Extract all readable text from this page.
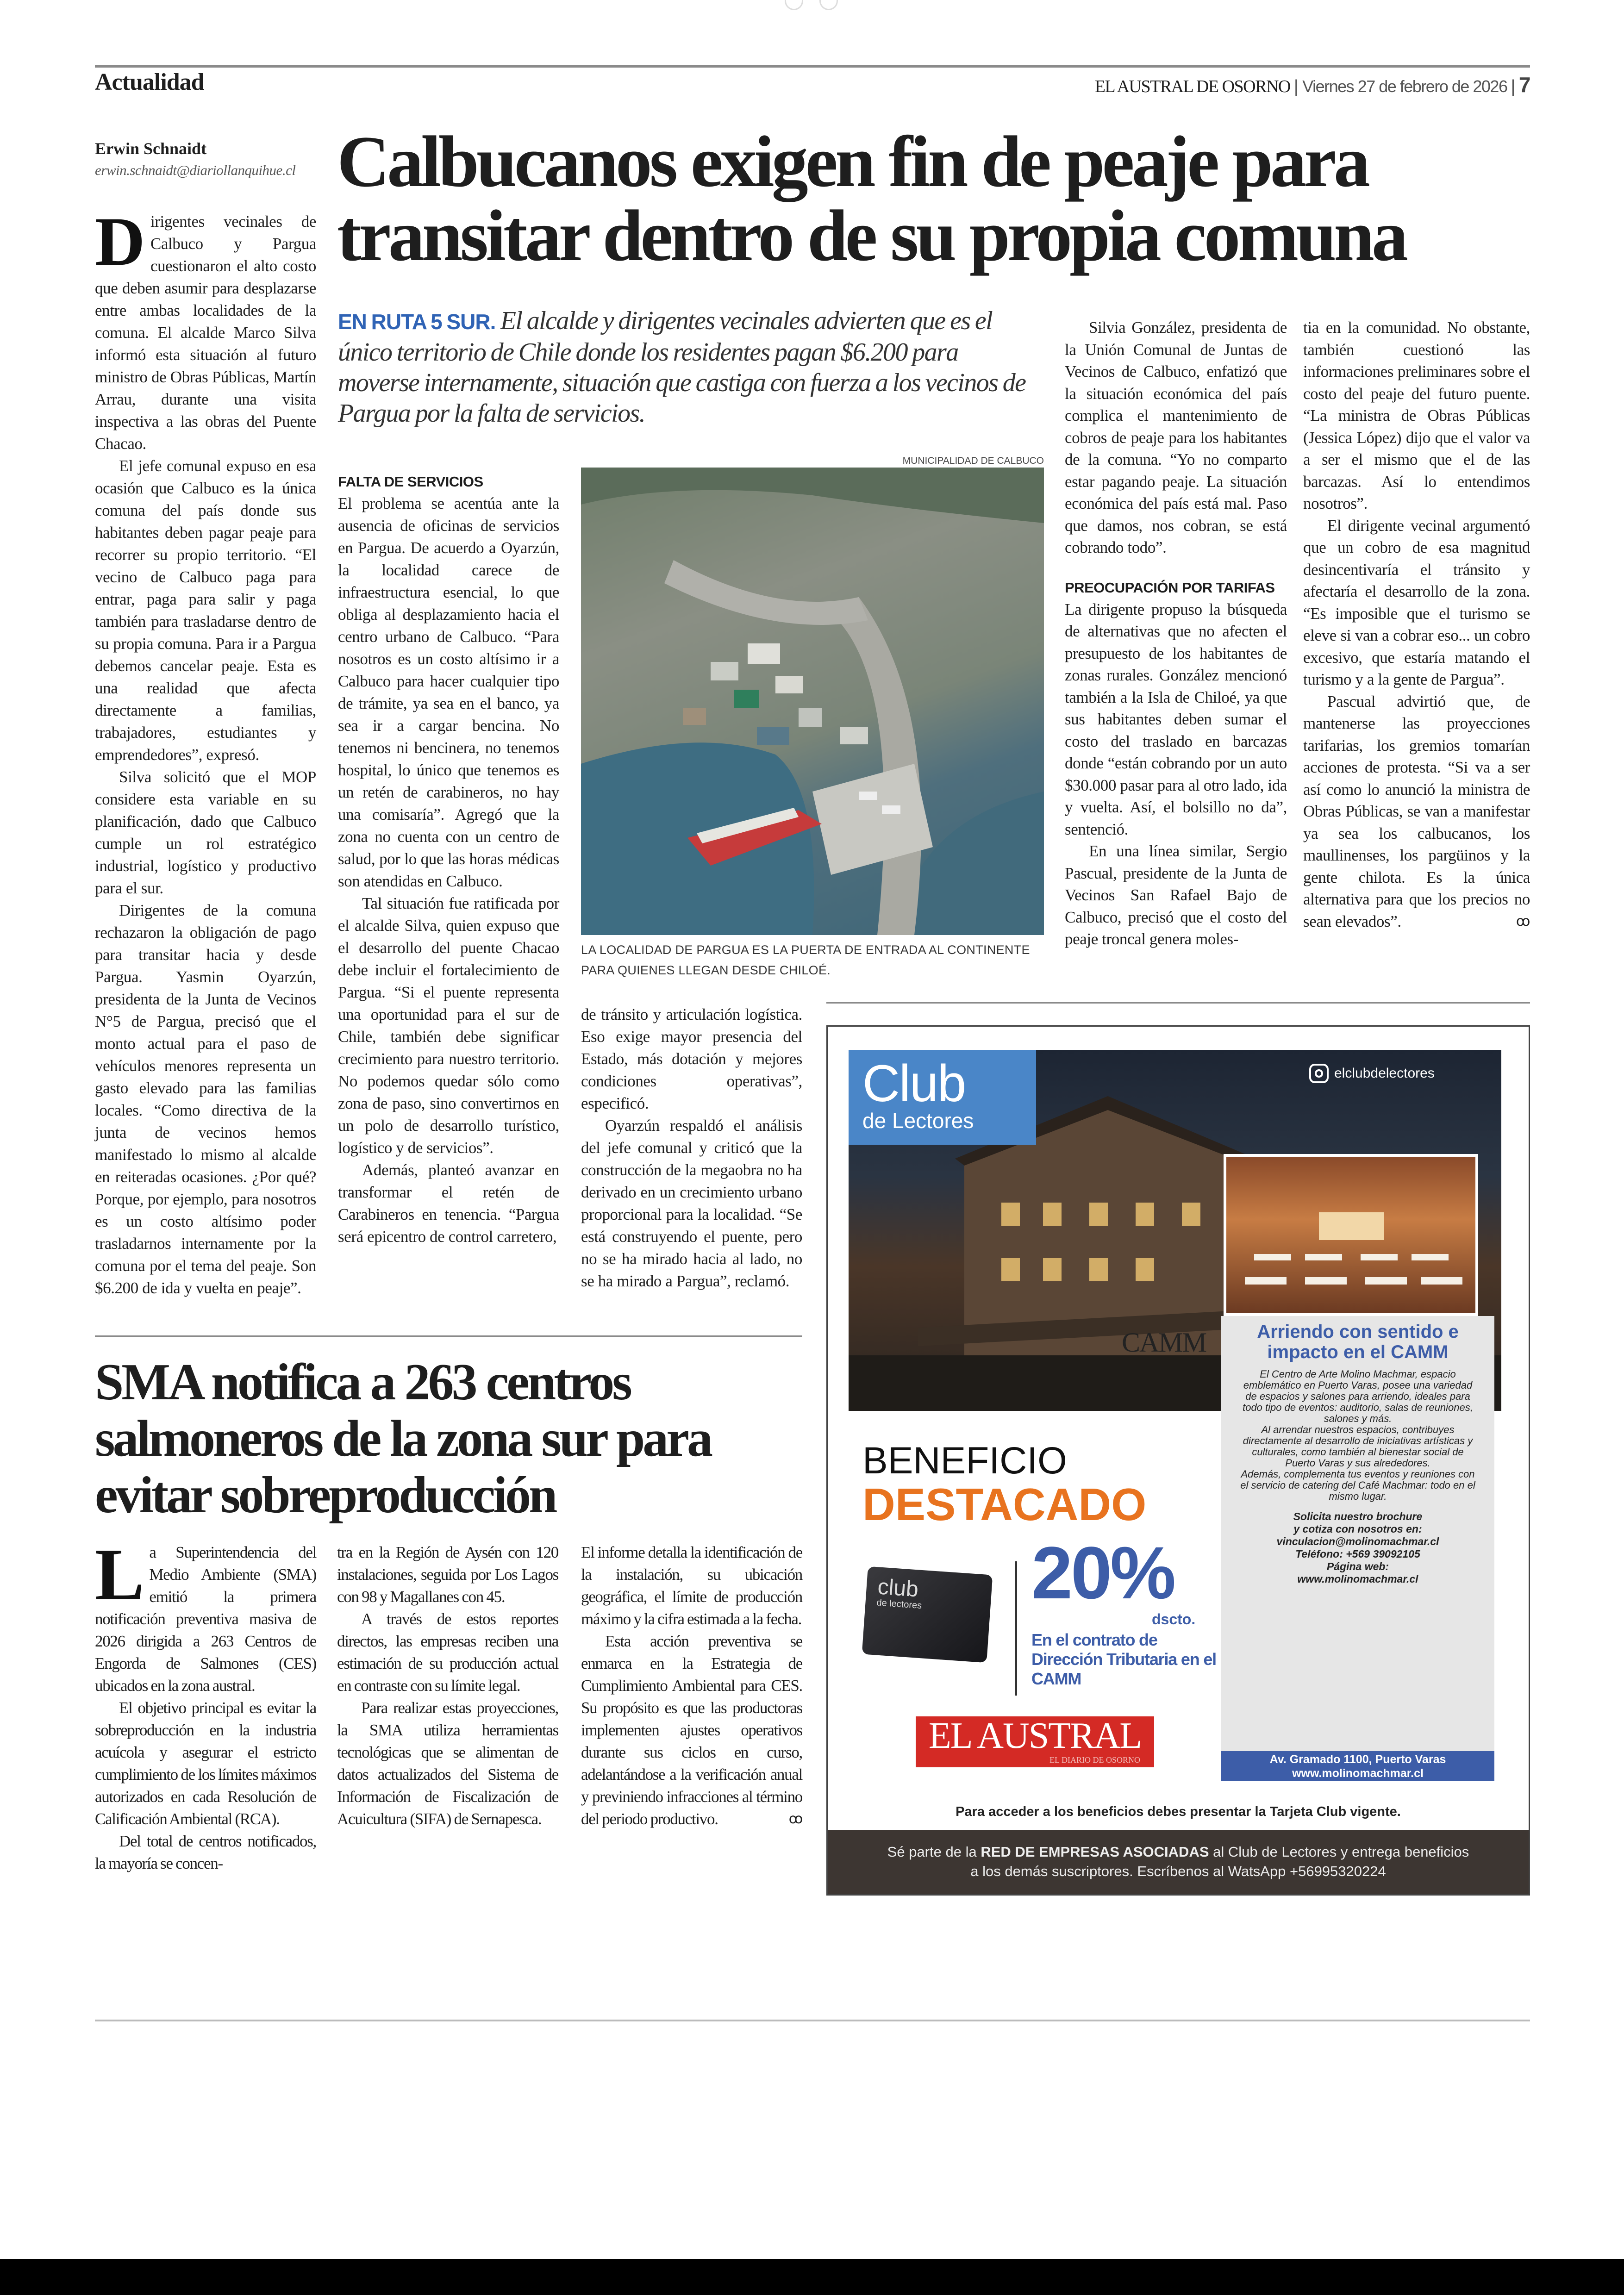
Actualidad	EL AUSTRAL DE OSORNO | Viernes 27 de febrero de 2026 | 7
Erwin Schnaidt
erwin.schnaidt@diariollanquihue.cl Calbucanos exigen fin de peaje para
transitar dentro de su propia comuna
EN RUTA 5 SUR. El alcalde y dirigentes vecinales advierten que es el único territorio de Chile donde los residentes pagan $6.200 para moverse internamente, situación que castiga con fuerza a los vecinos de Pargua por la falta de servicios.

Dirigentes vecinales de Calbuco y Pargua cuestionaron el alto costo que deben asumir para desplazarse entre ambas localidades de la comuna. El alcalde Marco Silva informó esta situación al futuro ministro de Obras Públicas, Martín Arrau, durante una visita inspectiva a las obras del Puente Chacao.

El jefe comunal expuso en esa ocasión que Calbuco es la única comuna del país donde sus habitantes deben pagar peaje para recorrer su propio territorio. “El vecino de Calbuco paga para entrar, paga para salir y paga también para trasladarse dentro de su propia comuna. Para ir a Pargua debemos cancelar peaje. Esta es una realidad que afecta directamente a familias, trabajadores, estudiantes y emprendedores”, expresó.

Silva solicitó que el MOP considere esta variable en su planificación, dado que Calbuco cumple un rol estratégico industrial, logístico y productivo para el sur.

Dirigentes de la comuna rechazaron la obligación de pago para transitar hacia y desde Pargua. Yasmin Oyarzún, presidenta de la Junta de Vecinos N°5 de Pargua, precisó que el monto actual para el paso de vehículos menores representa un gasto elevado para las familias locales. “Como directiva de la junta de vecinos hemos manifestado lo mismo al alcalde en reiteradas ocasiones. ¿Por qué? Porque, por ejemplo, para nosotros es un costo altísimo poder trasladarnos internamente por la comuna por el tema del peaje. Son $6.200 de ida y vuelta en peaje”.

FALTA DE SERVICIOS

El problema se acentúa ante la ausencia de oficinas de servicios en Pargua. De acuerdo a Oyarzún, la localidad carece de infraestructura esencial, lo que obliga al desplazamiento hacia el centro urbano de Calbuco. “Para nosotros es un costo altísimo ir a Calbuco para hacer cualquier tipo de trámite, ya sea en el banco, ya sea ir a cargar bencina. No tenemos ni bencinera, no tenemos hospital, lo único que tenemos es un retén de carabineros, no hay una comisaría”. Agregó que la zona no cuenta con un centro de salud, por lo que las horas médicas son atendidas en Calbuco.

Tal situación fue ratificada por el alcalde Silva, quien expuso que el desarrollo del puente Chacao debe incluir el fortalecimiento de Pargua. “Si el puente representa una oportunidad para el sur de Chile, también debe significar crecimiento para nuestro territorio. No podemos quedar sólo como zona de paso, sino convertirnos en un polo de desarrollo turístico, logístico y de servicios”.

Además, planteó avanzar en transformar el retén de Carabineros en tenencia. “Pargua será epicentro de control carretero,

MUNICIPALIDAD DE CALBUCO
LA LOCALIDAD DE PARGUA ES LA PUERTA DE ENTRADA AL CONTINENTE PARA QUIENES LLEGAN DESDE CHILOÉ.

de tránsito y articulación logística. Eso exige mayor presencia del Estado, más dotación y mejores condiciones operativas”, especificó.

Oyarzún respaldó el análisis del jefe comunal y criticó que la construcción de la megaobra no ha derivado en un crecimiento urbano proporcional para la localidad. “Se está construyendo el puente, pero no se ha mirado hacia al lado, no se ha mirado a Pargua”, reclamó.

Silvia González, presidenta de la Unión Comunal de Juntas de Vecinos de Calbuco, enfatizó que la situación económica del país complica el mantenimiento de cobros de peaje para los habitantes de la comuna. “Yo no comparto estar pagando peaje. La situación económica del país está mal. Paso que damos, nos cobran, se está cobrando todo”.

PREOCUPACIÓN POR TARIFAS

La dirigente propuso la búsqueda de alternativas que no afecten el presupuesto de los habitantes de zonas rurales. González mencionó también a la Isla de Chiloé, ya que sus habitantes deben sumar el costo del traslado en barcazas donde “están cobrando por un auto $30.000 pasar para al otro lado, ida y vuelta. Así, el bolsillo no da”, sentenció.

En una línea similar, Sergio Pascual, presidente de la Junta de Vecinos San Rafael Bajo de Calbuco, precisó que el costo del peaje troncal genera moles-

tia en la comunidad. No obstante, también cuestionó las informaciones preliminares sobre el costo del peaje del futuro puente. “La ministra de Obras Públicas (Jessica López) dijo que el valor va a ser el mismo que el de las barcazas. Así lo entendimos nosotros”.

El dirigente vecinal argumentó que un cobro de esa magnitud desincentivaría el tránsito y afectaría el desarrollo de la zona. “Es imposible que el turismo se eleve si van a cobrar eso... un cobro excesivo, que estaría matando el turismo y a la gente de Pargua”.

Pascual advirtió que, de mantenerse las proyecciones tarifarias, los gremios tomarían acciones de protesta. “Si va a ser así como lo anunció la ministra de Obras Públicas, se van a manifestar ya sea los calbucanos, los maullinenses, los pargüinos y la gente chilota. Es la única alternativa para que los precios no sean elevados”.	ꝏ

SMA notifica a 263 centros
salmoneros de la zona sur para
evitar sobreproducción

La Superintendencia del Medio Ambiente (SMA) emitió la primera notificación preventiva masiva de 2026 dirigida a 263 Centros de Engorda de Salmones (CES) ubicados en la zona austral.

El objetivo principal es evitar la sobreproducción en la industria acuícola y asegurar el estricto cumplimiento de los límites máximos autorizados en cada Resolución de Calificación Ambiental (RCA).

Del total de centros notificados, la mayoría se concen-

tra en la Región de Aysén con 120 instalaciones, seguida por Los Lagos con 98 y Magallanes con 45.

A través de estos reportes directos, las empresas reciben una estimación de su producción actual en contraste con su límite legal.

Para realizar estas proyecciones, la SMA utiliza herramientas tecnológicas que se alimentan de datos actualizados del Sistema de Información de Fiscalización de Acuicultura (SIFA) de Sernapesca.

El informe detalla la identificación de la instalación, su ubicación geográfica, el límite de producción máximo y la cifra estimada a la fecha.

Esta acción preventiva se enmarca en la Estrategia de Cumplimiento Ambiental para CES. Su propósito es que las productoras implementen ajustes operativos durante sus ciclos en curso, adelantándose a la verificación anual y previniendo infracciones al término del periodo productivo.	ꝏ

CAMM
Club
de Lectores
elclubdelectores
Arriendo con sentido e impacto en el CAMM
El Centro de Arte Molino Machmar, espacio emblemático en Puerto Varas, posee una variedad de espacios y salones para arriendo, ideales para todo tipo de eventos: auditorio, salas de reuniones, salones y más.
Al arrendar nuestros espacios, contribuyes directamente al desarrollo de iniciativas artísticas y culturales, como también al bienestar social de Puerto Varas y sus alrededores.
Además, complementa tus eventos y reuniones con el servicio de catering del Café Machmar: todo en el mismo lugar.
Solicita nuestro brochure
y cotiza con nosotros en:
vinculacion@molinomachmar.cl
Teléfono: +569 39092105
Página web:
www.molinomachmar.cl
Av. Gramado 1100, Puerto Varas
www.molinomachmar.cl
BENEFICIO
DESTACADO
club
de lectores	20%
dscto.
En el contrato de Dirección Tributaria en el CAMM
EL AUSTRAL
EL DIARIO DE OSORNO
Para acceder a los beneficios debes presentar la Tarjeta Club vigente.
Sé parte de la RED DE EMPRESAS ASOCIADAS al Club de Lectores y entrega beneficios a los demás suscriptores. Escríbenos al WatsApp +56995320224
